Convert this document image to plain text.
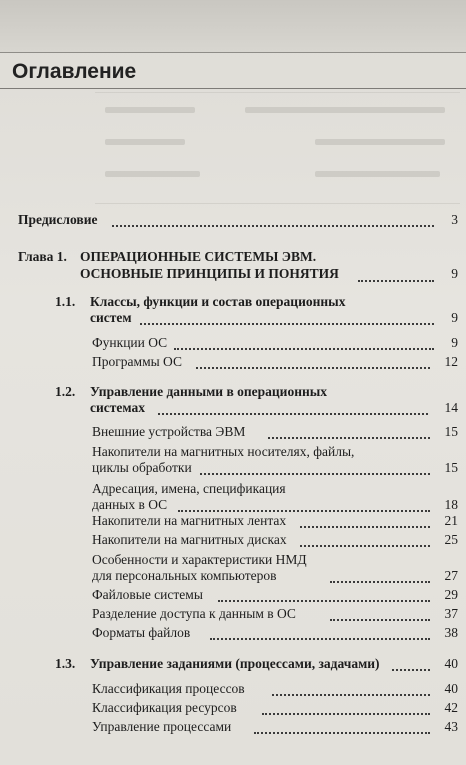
Оглавление
Предисловие	3
Глава 1. ОПЕРАЦИОННЫЕ СИСТЕМЫ ЭВМ.
ОСНОВНЫЕ ПРИНЦИПЫ И ПОНЯТИЯ	9
1.1. Классы, функции и состав операционных
систем	9
Функции ОС	9
Программы ОС	12
1.2. Управление данными в операционных
системах	14
Внешние устройства ЭВМ	15
Накопители на магнитных носителях, файлы,
циклы обработки	15
Адресация, имена, спецификация
данных в ОС	18
Накопители на магнитных лентах	21
Накопители на магнитных дисках	25
Особенности и характеристики НМД
для персональных компьютеров	27
Файловые системы	29
Разделение доступа к данным в ОС	37
Форматы файлов	38
1.3. Управление заданиями (процессами, задачами)	40
Классификация процессов	40
Классификация ресурсов	42
Управление процессами	43
